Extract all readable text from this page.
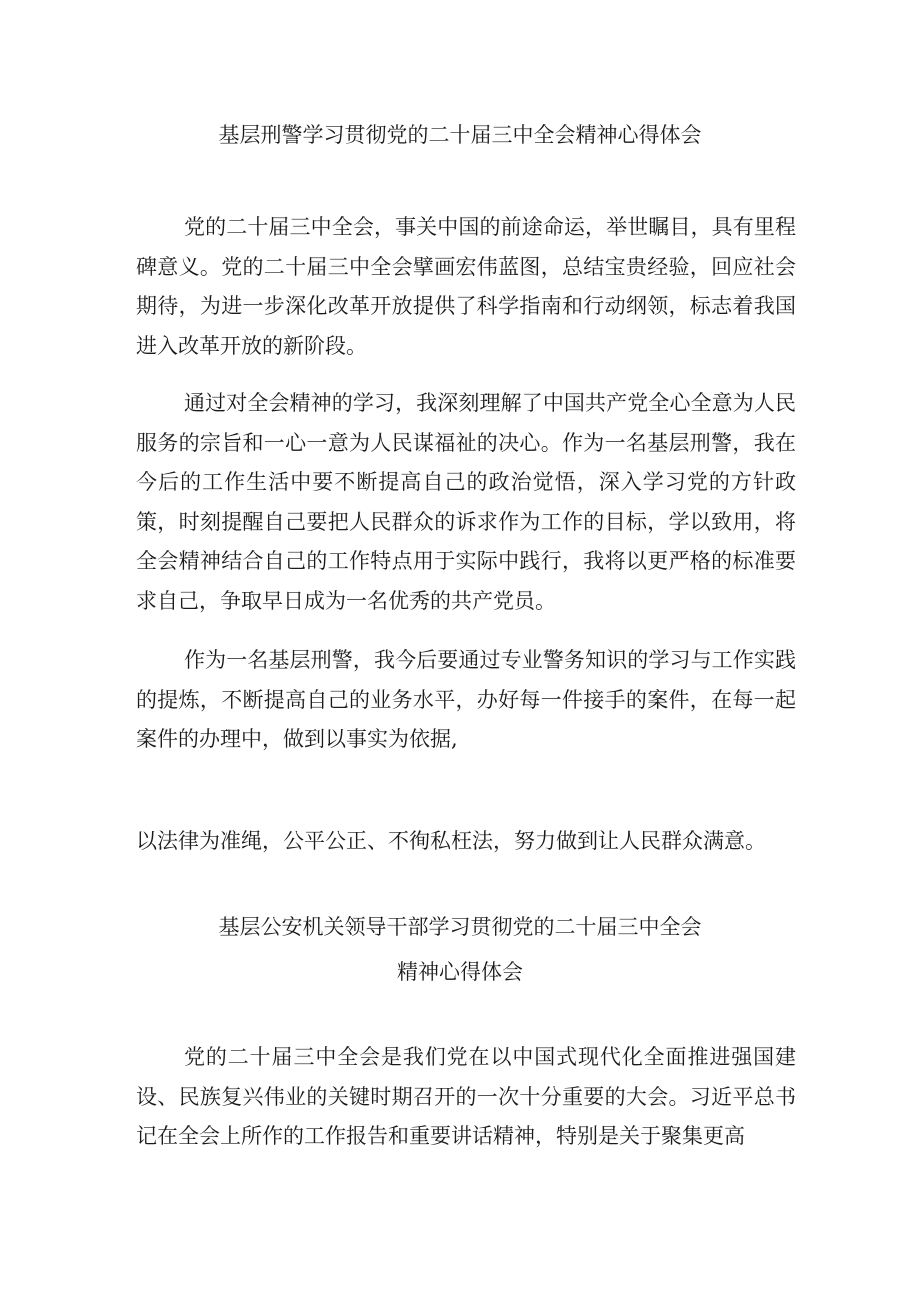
基层刑警学习贯彻党的二十届三中全会精神心得体会

党的二十届三中全会，事关中国的前途命运，举世瞩目，具有里程碑意义。党的二十届三中全会擘画宏伟蓝图，总结宝贵经验，回应社会期待，为进一步深化改革开放提供了科学指南和行动纲领，标志着我国进入改革开放的新阶段。

通过对全会精神的学习，我深刻理解了中国共产党全心全意为人民服务的宗旨和一心一意为人民谋福祉的决心。作为一名基层刑警，我在今后的工作生活中要不断提高自己的政治觉悟，深入学习党的方针政策，时刻提醒自己要把人民群众的诉求作为工作的目标，学以致用，将全会精神结合自己的工作特点用于实际中践行，我将以更严格的标准要求自己，争取早日成为一名优秀的共产党员。

作为一名基层刑警，我今后要通过专业警务知识的学习与工作实践的提炼，不断提高自己的业务水平，办好每一件接手的案件，在每一起案件的办理中，做到以事实为依据,

以法律为准绳，公平公正、不徇私枉法，努力做到让人民群众满意。

基层公安机关领导干部学习贯彻党的二十届三中全会
精神心得体会

党的二十届三中全会是我们党在以中国式现代化全面推进强国建设、民族复兴伟业的关键时期召开的一次十分重要的大会。习近平总书记在全会上所作的工作报告和重要讲话精神，特别是关于聚集更高
